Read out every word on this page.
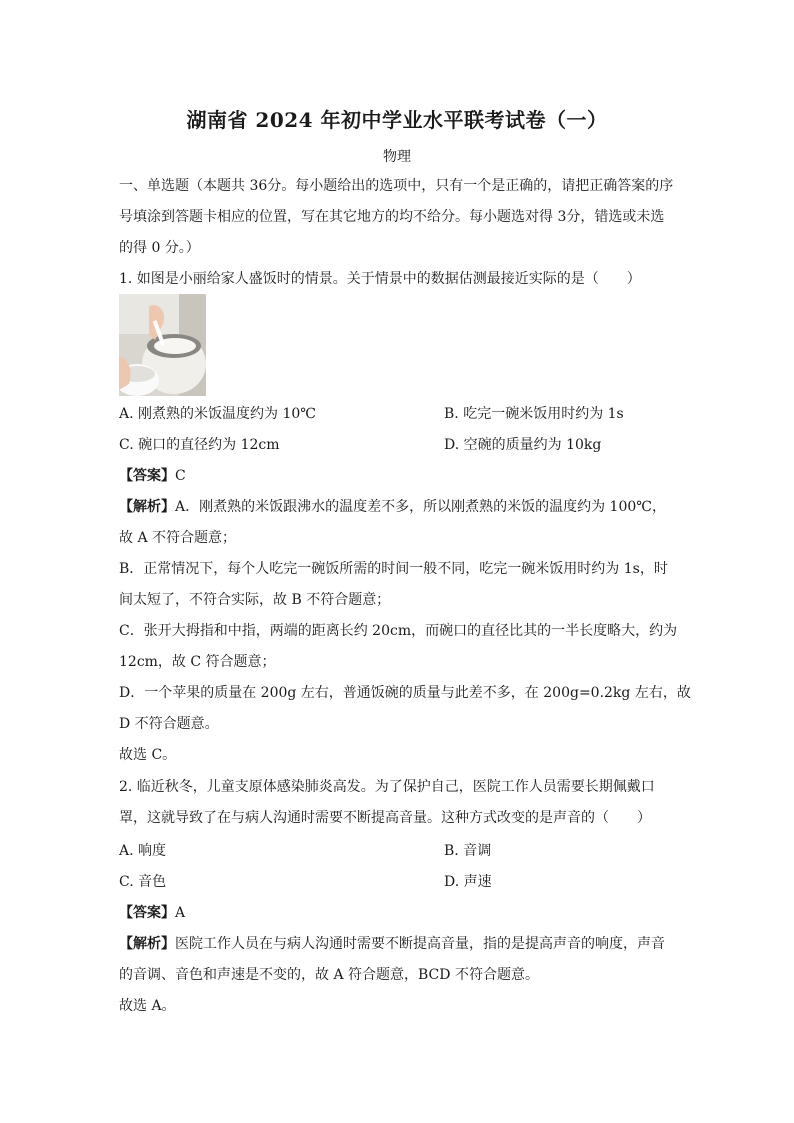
湖南省 2024 年初中学业水平联考试卷（一）
物理
一、单选题（本题共 36分。每小题给出的选项中，只有一个是正确的，请把正确答案的序
号填涂到答题卡相应的位置，写在其它地方的均不给分。每小题选对得 3分，错选或未选
的得 0 分。）
1. 如图是小丽给家人盛饭时的情景。关于情景中的数据估测最接近实际的是（　　）
A. 刚煮熟的米饭温度约为 10℃	B. 吃完一碗米饭用时约为 1s
C. 碗口的直径约为 12cm	D. 空碗的质量约为 10kg
【答案】C
【解析】A．刚煮熟的米饭跟沸水的温度差不多，所以刚煮熟的米饭的温度约为 100℃，
故 A 不符合题意；
B．正常情况下，每个人吃完一碗饭所需的时间一般不同，吃完一碗米饭用时约为 1s，时
间太短了，不符合实际，故 B 不符合题意；
C．张开大拇指和中指，两端的距离长约 20cm，而碗口的直径比其的一半长度略大，约为
12cm，故 C 符合题意；
D．一个苹果的质量在 200g 左右，普通饭碗的质量与此差不多，在 200g=0.2kg 左右，故
D 不符合题意。
故选 C。
2. 临近秋冬，儿童支原体感染肺炎高发。为了保护自己，医院工作人员需要长期佩戴口
罩，这就导致了在与病人沟通时需要不断提高音量。这种方式改变的是声音的（　　）
A. 响度	B. 音调
C. 音色	D. 声速
【答案】A
【解析】医院工作人员在与病人沟通时需要不断提高音量，指的是提高声音的响度，声音
的音调、音色和声速是不变的，故 A 符合题意，BCD 不符合题意。
故选 A。
